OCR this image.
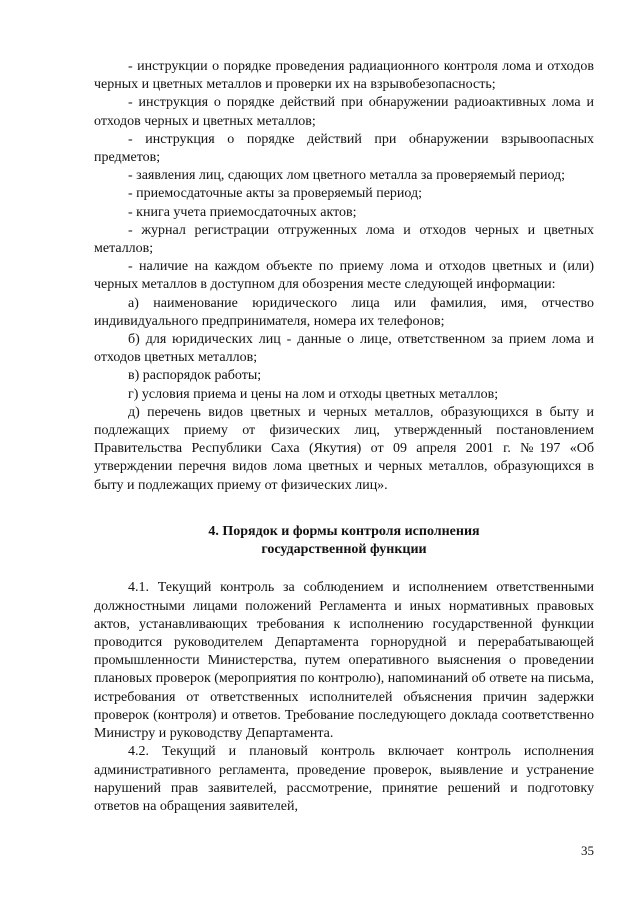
- инструкции о порядке проведения радиационного контроля лома и отходов черных и цветных металлов и проверки их на взрывобезопасность;

- инструкция о порядке действий при обнаружении радиоактивных лома и отходов черных и цветных металлов;

- инструкция о порядке действий при обнаружении взрывоопасных предметов;

- заявления лиц, сдающих лом цветного металла за проверяемый период;

- приемосдаточные акты за проверяемый период;

- книга учета приемосдаточных актов;

- журнал регистрации отгруженных лома и отходов черных и цветных металлов;

- наличие на каждом объекте по приему лома и отходов цветных и (или) черных металлов в доступном для обозрения месте следующей информации:

а) наименование юридического лица или фамилия, имя, отчество индивидуального предпринимателя, номера их телефонов;

б) для юридических лиц - данные о лице, ответственном за прием лома и отходов цветных металлов;

в) распорядок работы;

г) условия приема и цены на лом и отходы цветных металлов;

д) перечень видов цветных и черных металлов, образующихся в быту и подлежащих приему от физических лиц, утвержденный постановлением Правительства Республики Саха (Якутия) от 09 апреля 2001 г. №197 «Об утверждении перечня видов лома цветных и черных металлов, образующихся в быту и подлежащих приему от физических лиц».

4. Порядок и формы контроля исполнения
государственной функции

4.1. Текущий контроль за соблюдением и исполнением ответственными должностными лицами положений Регламента и иных нормативных правовых актов, устанавливающих требования к исполнению государственной функции проводится руководителем Департамента горнорудной и перерабатывающей промышленности Министерства, путем оперативного выяснения о проведении плановых проверок (мероприятия по контролю), напоминаний об ответе на письма, истребования от ответственных исполнителей объяснения причин задержки проверок (контроля) и ответов. Требование последующего доклада соответственно Министру и руководству Департамента.

4.2. Текущий и плановый контроль включает контроль исполнения административного регламента, проведение проверок, выявление и устранение нарушений прав заявителей, рассмотрение, принятие решений и подготовку ответов на обращения заявителей,

35
